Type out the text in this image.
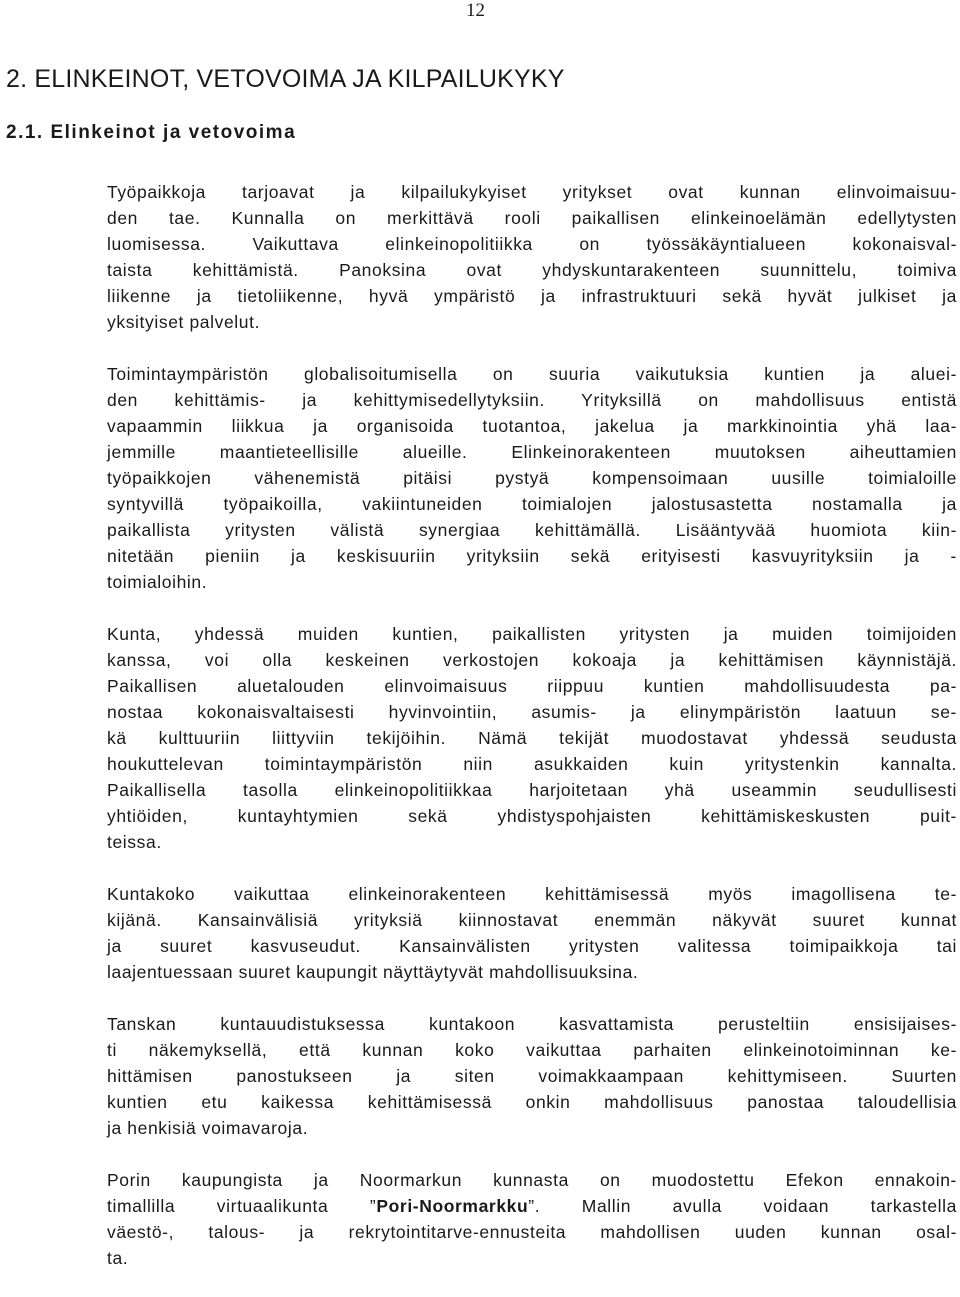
12
2. ELINKEINOT, VETOVOIMA JA KILPAILUKYKY
2.1. Elinkeinot ja vetovoima

Työpaikkoja tarjoavat ja kilpailukykyiset yritykset ovat kunnan elinvoimaisuu-
den tae. Kunnalla on merkittävä rooli paikallisen elinkeinoelämän edellytysten
luomisessa. Vaikuttava elinkeinopolitiikka on työssäkäyntialueen kokonaisval-
taista kehittämistä. Panoksina ovat yhdyskuntarakenteen suunnittelu, toimiva
liikenne ja tietoliikenne, hyvä ympäristö ja infrastruktuuri sekä hyvät julkiset ja
yksityiset palvelut.

Toimintaympäristön globalisoitumisella on suuria vaikutuksia kuntien ja aluei-
den kehittämis- ja kehittymisedellytyksiin. Yrityksillä on mahdollisuus entistä
vapaammin liikkua ja organisoida tuotantoa, jakelua ja markkinointia yhä laa-
jemmille maantieteellisille alueille. Elinkeinorakenteen muutoksen aiheuttamien
työpaikkojen vähenemistä pitäisi pystyä kompensoimaan uusille toimialoille
syntyvillä työpaikoilla, vakiintuneiden toimialojen jalostusastetta nostamalla ja
paikallista yritysten välistä synergiaa kehittämällä. Lisääntyvää huomiota kiin-
nitetään pieniin ja keskisuuriin yrityksiin sekä erityisesti kasvuyrityksiin ja -
toimialoihin.

Kunta, yhdessä muiden kuntien, paikallisten yritysten ja muiden toimijoiden
kanssa, voi olla keskeinen verkostojen kokoaja ja kehittämisen käynnistäjä.
Paikallisen aluetalouden elinvoimaisuus riippuu kuntien mahdollisuudesta pa-
nostaa kokonaisvaltaisesti hyvinvointiin, asumis- ja elinympäristön laatuun se-
kä kulttuuriin liittyviin tekijöihin. Nämä tekijät muodostavat yhdessä seudusta
houkuttelevan toimintaympäristön niin asukkaiden kuin yritystenkin kannalta.
Paikallisella tasolla elinkeinopolitiikkaa harjoitetaan yhä useammin seudullisesti
yhtiöiden, kuntayhtymien sekä yhdistyspohjaisten kehittämiskeskusten puit-
teissa.

Kuntakoko vaikuttaa elinkeinorakenteen kehittämisessä myös imagollisena te-
kijänä. Kansainvälisiä yrityksiä kiinnostavat enemmän näkyvät suuret kunnat
ja suuret kasvuseudut. Kansainvälisten yritysten valitessa toimipaikkoja tai
laajentuessaan suuret kaupungit näyttäytyvät mahdollisuuksina.

Tanskan kuntauudistuksessa kuntakoon kasvattamista perusteltiin ensisijaises-
ti näkemyksellä, että kunnan koko vaikuttaa parhaiten elinkeinotoiminnan ke-
hittämisen panostukseen ja siten voimakkaampaan kehittymiseen. Suurten
kuntien etu kaikessa kehittämisessä onkin mahdollisuus panostaa taloudellisia
ja henkisiä voimavaroja.

Porin kaupungista ja Noormarkun kunnasta on muodostettu Efekon ennakoin-
timallilla virtuaalikunta ”Pori-Noormarkku”. Mallin avulla voidaan tarkastella
väestö-, talous- ja rekrytointitarve-ennusteita mahdollisen uuden kunnan osal-
ta.
